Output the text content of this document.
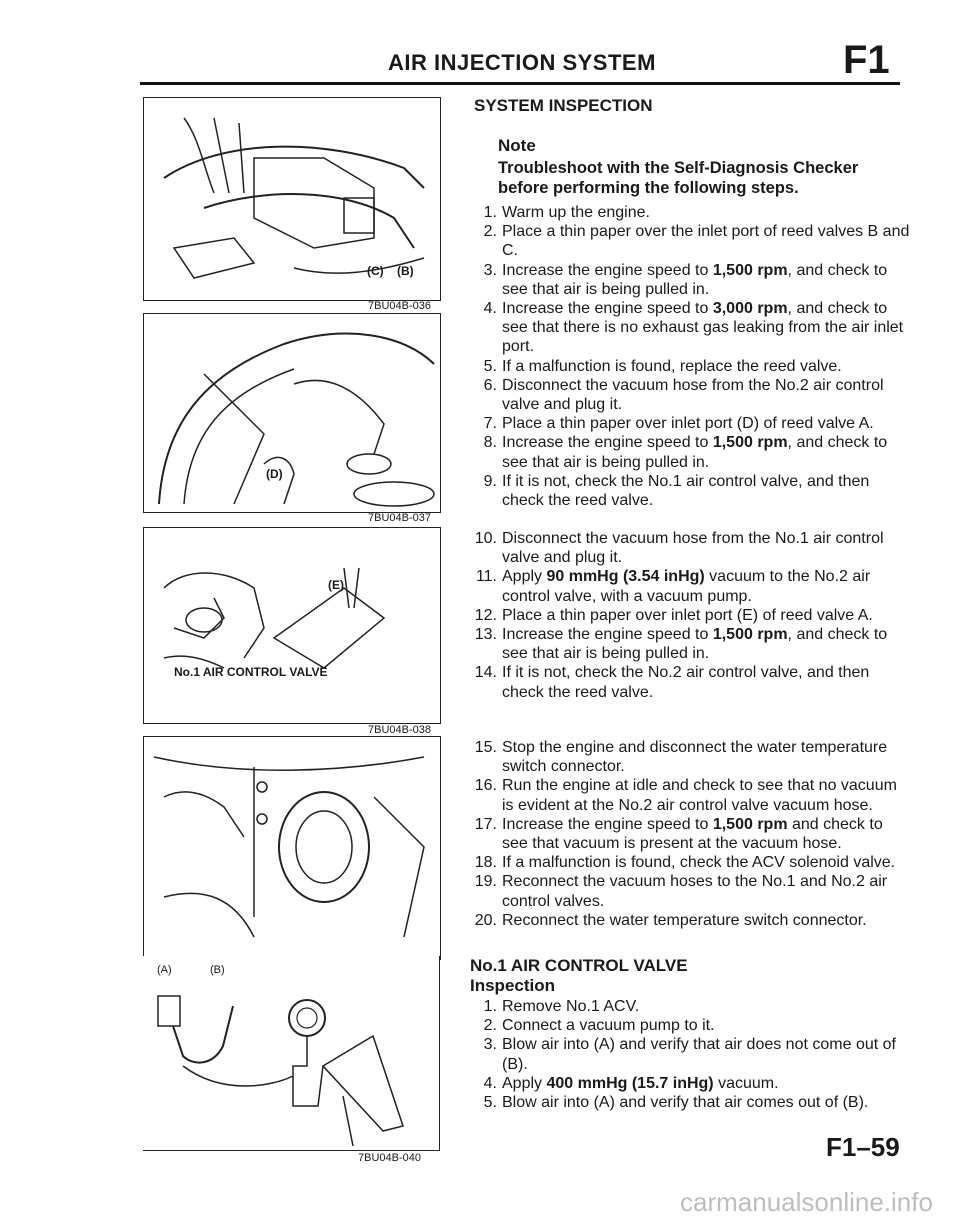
AIR INJECTION SYSTEM	F1
(C) (B)
7BU04B-036
(D)
7BU04B-037
(E)
No.1 AIR CONTROL VALVE
7BU04B-038
(A)	(B)
7BU04B-040
SYSTEM INSPECTION
Note
Troubleshoot with the Self-Diagnosis Checker before performing the following steps.
1. Warm up the engine.
2. Place a thin paper over the inlet port of reed valves B and C.
3. Increase the engine speed to 1,500 rpm, and check to see that air is being pulled in.
4. Increase the engine speed to 3,000 rpm, and check to see that there is no exhaust gas leaking from the air inlet port.
5. If a malfunction is found, replace the reed valve.
6. Disconnect the vacuum hose from the No.2 air control valve and plug it.
7. Place a thin paper over inlet port (D) of reed valve A.
8. Increase the engine speed to 1,500 rpm, and check to see that air is being pulled in.
9. If it is not, check the No.1 air control valve, and then check the reed valve.
10. Disconnect the vacuum hose from the No.1 air control valve and plug it.
11. Apply 90 mmHg (3.54 inHg) vacuum to the No.2 air control valve, with a vacuum pump.
12. Place a thin paper over inlet port (E) of reed valve A.
13. Increase the engine speed to 1,500 rpm, and check to see that air is being pulled in.
14. If it is not, check the No.2 air control valve, and then check the reed valve.
15. Stop the engine and disconnect the water temperature switch connector.
16. Run the engine at idle and check to see that no vacuum is evident at the No.2 air control valve vacuum hose.
17. Increase the engine speed to 1,500 rpm and check to see that vacuum is present at the vacuum hose.
18. If a malfunction is found, check the ACV solenoid valve.
19. Reconnect the vacuum hoses to the No.1 and No.2 air control valves.
20. Reconnect the water temperature switch connector.
No.1 AIR CONTROL VALVE
Inspection
1. Remove No.1 ACV.
2. Connect a vacuum pump to it.
3. Blow air into (A) and verify that air does not come out of (B).
4. Apply 400 mmHg (15.7 inHg) vacuum.
5. Blow air into (A) and verify that air comes out of (B).
F1–59
carmanualsonline.info
